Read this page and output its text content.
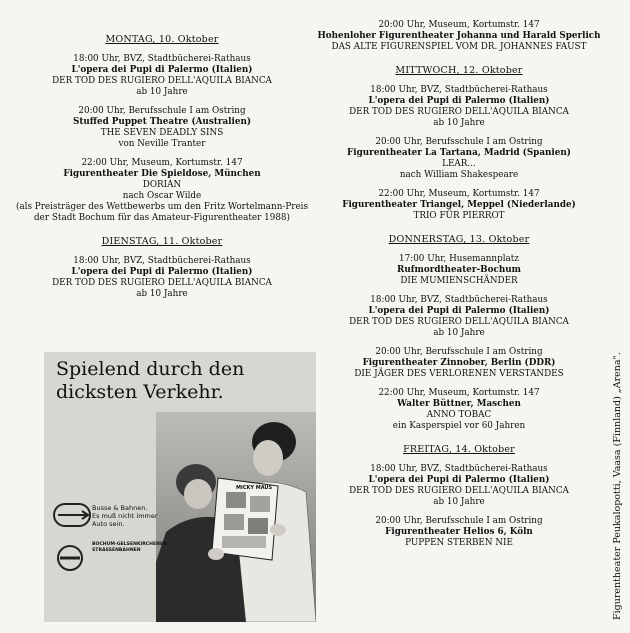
MONTAG, 10. Oktober
18:00 Uhr, BVZ, Stadtbücherei-Rathaus
L'opera dei Pupi di Palermo (Italien)
DER TOD DES RUGIERO DELL'AQUILA BIANCA
ab 10 Jahre
20:00 Uhr, Berufsschule I am Ostring
Stuffed Puppet Theatre (Australien)
THE SEVEN DEADLY SINS
von Neville Tranter
22:00 Uhr, Museum, Kortumstr. 147
Figurentheater Die Spieldose, München
DORIAN
nach Oscar Wilde
(als Preisträger des Wettbewerbs um den Fritz Wortelmann-Preis
der Stadt Bochum für das Amateur-Figurentheater 1988)
DIENSTAG, 11. Oktober
18:00 Uhr, BVZ, Stadtbücherei-Rathaus
L'opera dei Pupi di Palermo (Italien)
DER TOD DES RUGIERO DELL'AQUILA BIANCA
ab 10 Jahre
20:00 Uhr, Museum, Kortumstr. 147
Hohenloher Figurentheater Johanna und Harald Sperlich
DAS ALTE FIGURENSPIEL VOM DR. JOHANNES FAUST
MITTWOCH, 12. Oktober
18:00 Uhr, BVZ, Stadtbücherei-Rathaus
L'opera dei Pupi di Palermo (Italien)
DER TOD DES RUGIERO DELL'AQUILA BIANCA
ab 10 Jahre
20:00 Uhr, Berufsschule I am Ostring
Figurentheater La Tartana, Madrid (Spanien)
LEAR...
nach William Shakespeare
22:00 Uhr, Museum, Kortumstr. 147
Figurentheater Triangel, Meppel (Niederlande)
TRIO FÜR PIERROT
DONNERSTAG, 13. Oktober
17:00 Uhr, Husemannplatz
Rufmordtheater-Bochum
DIE MUMIENSCHÄNDER
18:00 Uhr, BVZ, Stadtbücherei-Rathaus
L'opera dei Pupi di Palermo (Italien)
DER TOD DES RUGIERO DELL'AQUILA BIANCA
ab 10 Jahre
20:00 Uhr, Berufsschule I am Ostring
Figurentheater Zinnober, Berlin (DDR)
DIE JÄGER DES VERLORENEN VERSTANDES
22:00 Uhr, Museum, Kortumstr. 147
Walter Büttner, Maschen
ANNO TOBAC
ein Kasperspiel vor 60 Jahren
FREITAG, 14. Oktober
18:00 Uhr, BVZ, Stadtbücherei-Rathaus
L'opera dei Pupi di Palermo (Italien)
DER TOD DES RUGIERO DELL'AQUILA BIANCA
ab 10 Jahre
20:00 Uhr, Berufsschule I am Ostring
Figurentheater Helios 6, Köln
PUPPEN STERBEN NIE
Spielend durch den
dicksten Verkehr.
MICKY MAUS
Busse & Bahnen.
Es muß nicht immer
Auto sein.
BOCHUM-GELSENKIRCHENER
STRASSENBAHNEN	Figurentheater Peukalopotti, Vaasa (Finnland) „Arena".
